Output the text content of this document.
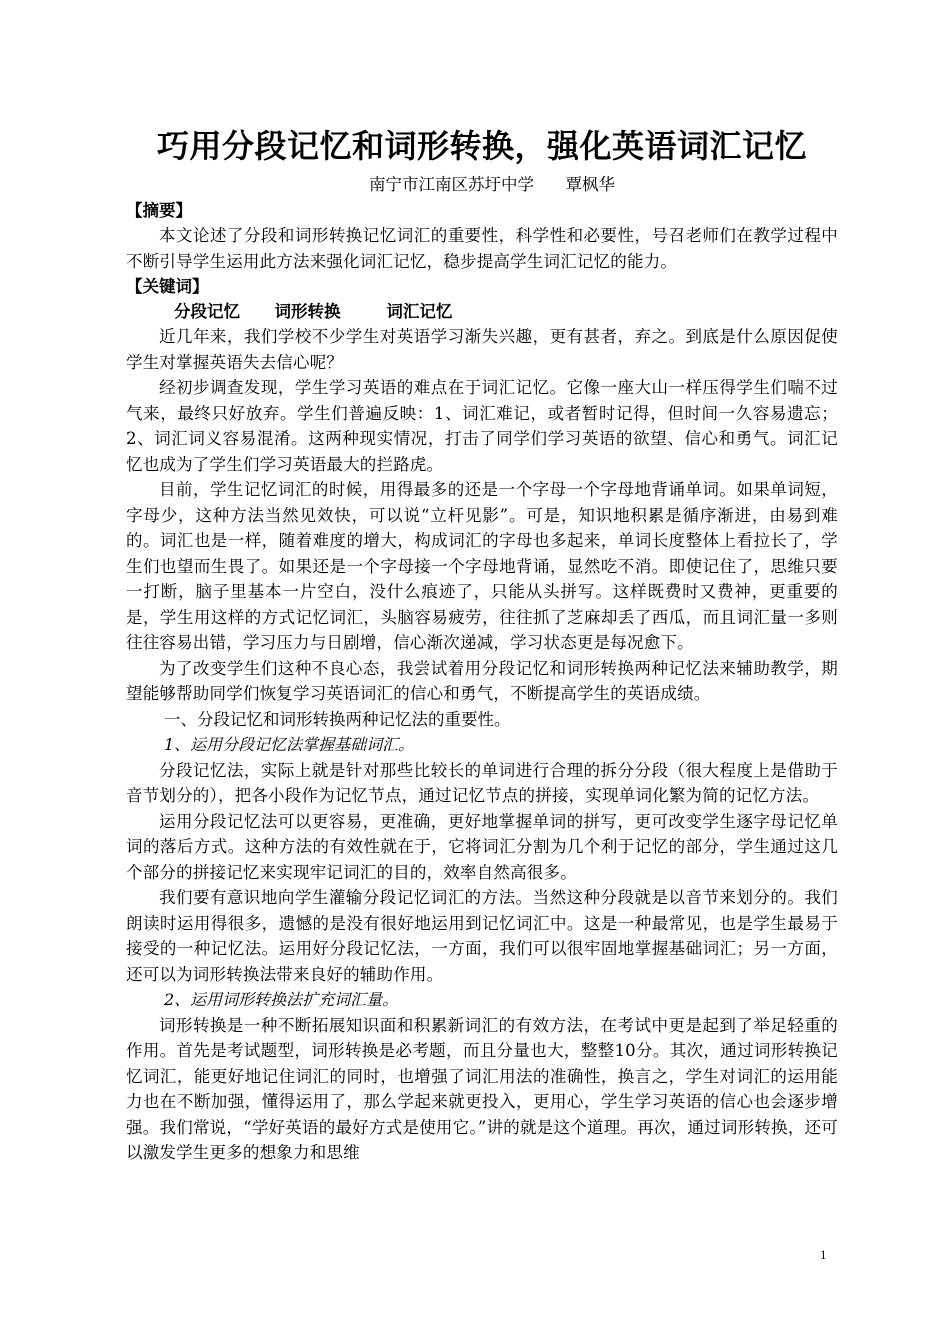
巧用分段记忆和词形转换，强化英语词汇记忆

南宁市江南区苏圩中学      覃枫华

【摘要】

本文论述了分段和词形转换记忆词汇的重要性，科学性和必要性，号召老师们在教学过程中不断引导学生运用此方法来强化词汇记忆，稳步提高学生词汇记忆的能力。

【关键词】

分段记忆      词形转换        词汇记忆

近几年来，我们学校不少学生对英语学习渐失兴趣，更有甚者，弃之。到底是什么原因促使学生对掌握英语失去信心呢？

经初步调查发现，学生学习英语的难点在于词汇记忆。它像一座大山一样压得学生们喘不过气来，最终只好放弃。学生们普遍反映：1、词汇难记，或者暂时记得，但时间一久容易遗忘；2、词汇词义容易混淆。这两种现实情况，打击了同学们学习英语的欲望、信心和勇气。词汇记忆也成为了学生们学习英语最大的拦路虎。

目前，学生记忆词汇的时候，用得最多的还是一个字母一个字母地背诵单词。如果单词短，字母少，这种方法当然见效快，可以说“立杆见影”。可是，知识地积累是循序渐进，由易到难的。词汇也是一样，随着难度的增大，构成词汇的字母也多起来，单词长度整体上看拉长了，学生们也望而生畏了。如果还是一个字母接一个字母地背诵，显然吃不消。即使记住了，思维只要一打断，脑子里基本一片空白，没什么痕迹了，只能从头拼写。这样既费时又费神，更重要的是，学生用这样的方式记忆词汇，头脑容易疲劳，往往抓了芝麻却丢了西瓜，而且词汇量一多则往往容易出错，学习压力与日剧增，信心渐次递减，学习状态更是每况愈下。

为了改变学生们这种不良心态，我尝试着用分段记忆和词形转换两种记忆法来辅助教学，期望能够帮助同学们恢复学习英语词汇的信心和勇气，不断提高学生的英语成绩。

一、分段记忆和词形转换两种记忆法的重要性。

1、运用分段记忆法掌握基础词汇。

分段记忆法，实际上就是针对那些比较长的单词进行合理的拆分分段（很大程度上是借助于音节划分的），把各小段作为记忆节点，通过记忆节点的拼接，实现单词化繁为简的记忆方法。

运用分段记忆法可以更容易，更准确，更好地掌握单词的拼写，更可改变学生逐字母记忆单词的落后方式。这种方法的有效性就在于，它将词汇分割为几个利于记忆的部分，学生通过这几个部分的拼接记忆来实现牢记词汇的目的，效率自然高很多。

我们要有意识地向学生灌输分段记忆词汇的方法。当然这种分段就是以音节来划分的。我们朗读时运用得很多，遗憾的是没有很好地运用到记忆词汇中。这是一种最常见，也是学生最易于接受的一种记忆法。运用好分段记忆法，一方面，我们可以很牢固地掌握基础词汇；另一方面，还可以为词形转换法带来良好的辅助作用。

2、运用词形转换法扩充词汇量。

词形转换是一种不断拓展知识面和积累新词汇的有效方法，在考试中更是起到了举足轻重的作用。首先是考试题型，词形转换是必考题，而且分量也大，整整10分。其次，通过词形转换记忆词汇，能更好地记住词汇的同时，也增强了词汇用法的准确性，换言之，学生对词汇的运用能力也在不断加强，懂得运用了，那么学起来就更投入，更用心，学生学习英语的信心也会逐步增强。我们常说，“学好英语的最好方式是使用它。”讲的就是这个道理。再次，通过词形转换，还可以激发学生更多的想象力和思维

1
